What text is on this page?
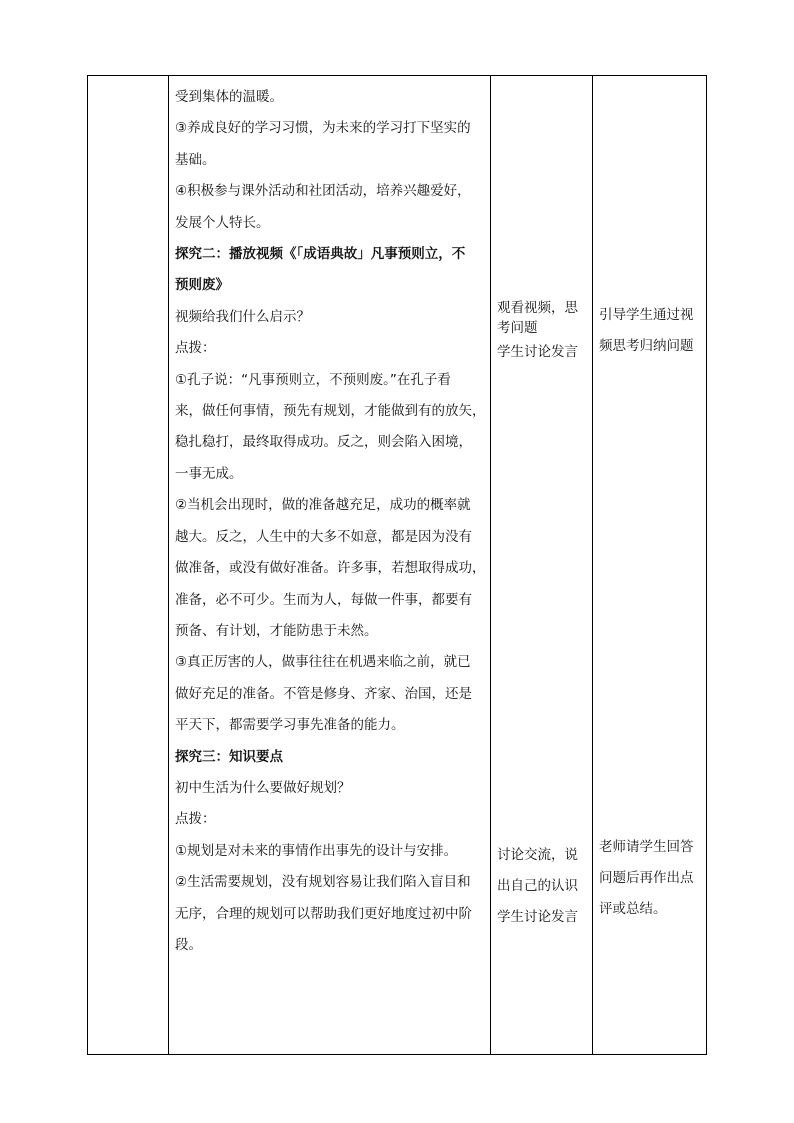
受到集体的温暖。
③养成良好的学习习惯，为未来的学习打下坚实的
基础。
④积极参与课外活动和社团活动，培养兴趣爱好，
发展个人特长。
探究二：播放视频《「成语典故」凡事预则立，不
预则废》
视频给我们什么启示？
点拨：
①孔子说：“凡事预则立，不预则废。”在孔子看
来，做任何事情，预先有规划，才能做到有的放矢，
稳扎稳打，最终取得成功。反之，则会陷入困境，
一事无成。
②当机会出现时，做的准备越充足，成功的概率就
越大。反之，人生中的大多不如意，都是因为没有
做准备，或没有做好准备。许多事，若想取得成功，
准备，必不可少。生而为人，每做一件事，都要有
预备、有计划，才能防患于未然。
③真正厉害的人，做事往往在机遇来临之前，就已
做好充足的准备。不管是修身、齐家、治国，还是
平天下，都需要学习事先准备的能力。
探究三：知识要点
初中生活为什么要做好规划？
点拨：
①规划是对未来的事情作出事先的设计与安排。
②生活需要规划，没有规划容易让我们陷入盲目和
无序，合理的规划可以帮助我们更好地度过初中阶
段。
观看视频，思
考问题
学生讨论发言
讨论交流，说
出自己的认识
学生讨论发言
引导学生通过视
频思考归纳问题
老师请学生回答
问题后再作出点
评或总结。
